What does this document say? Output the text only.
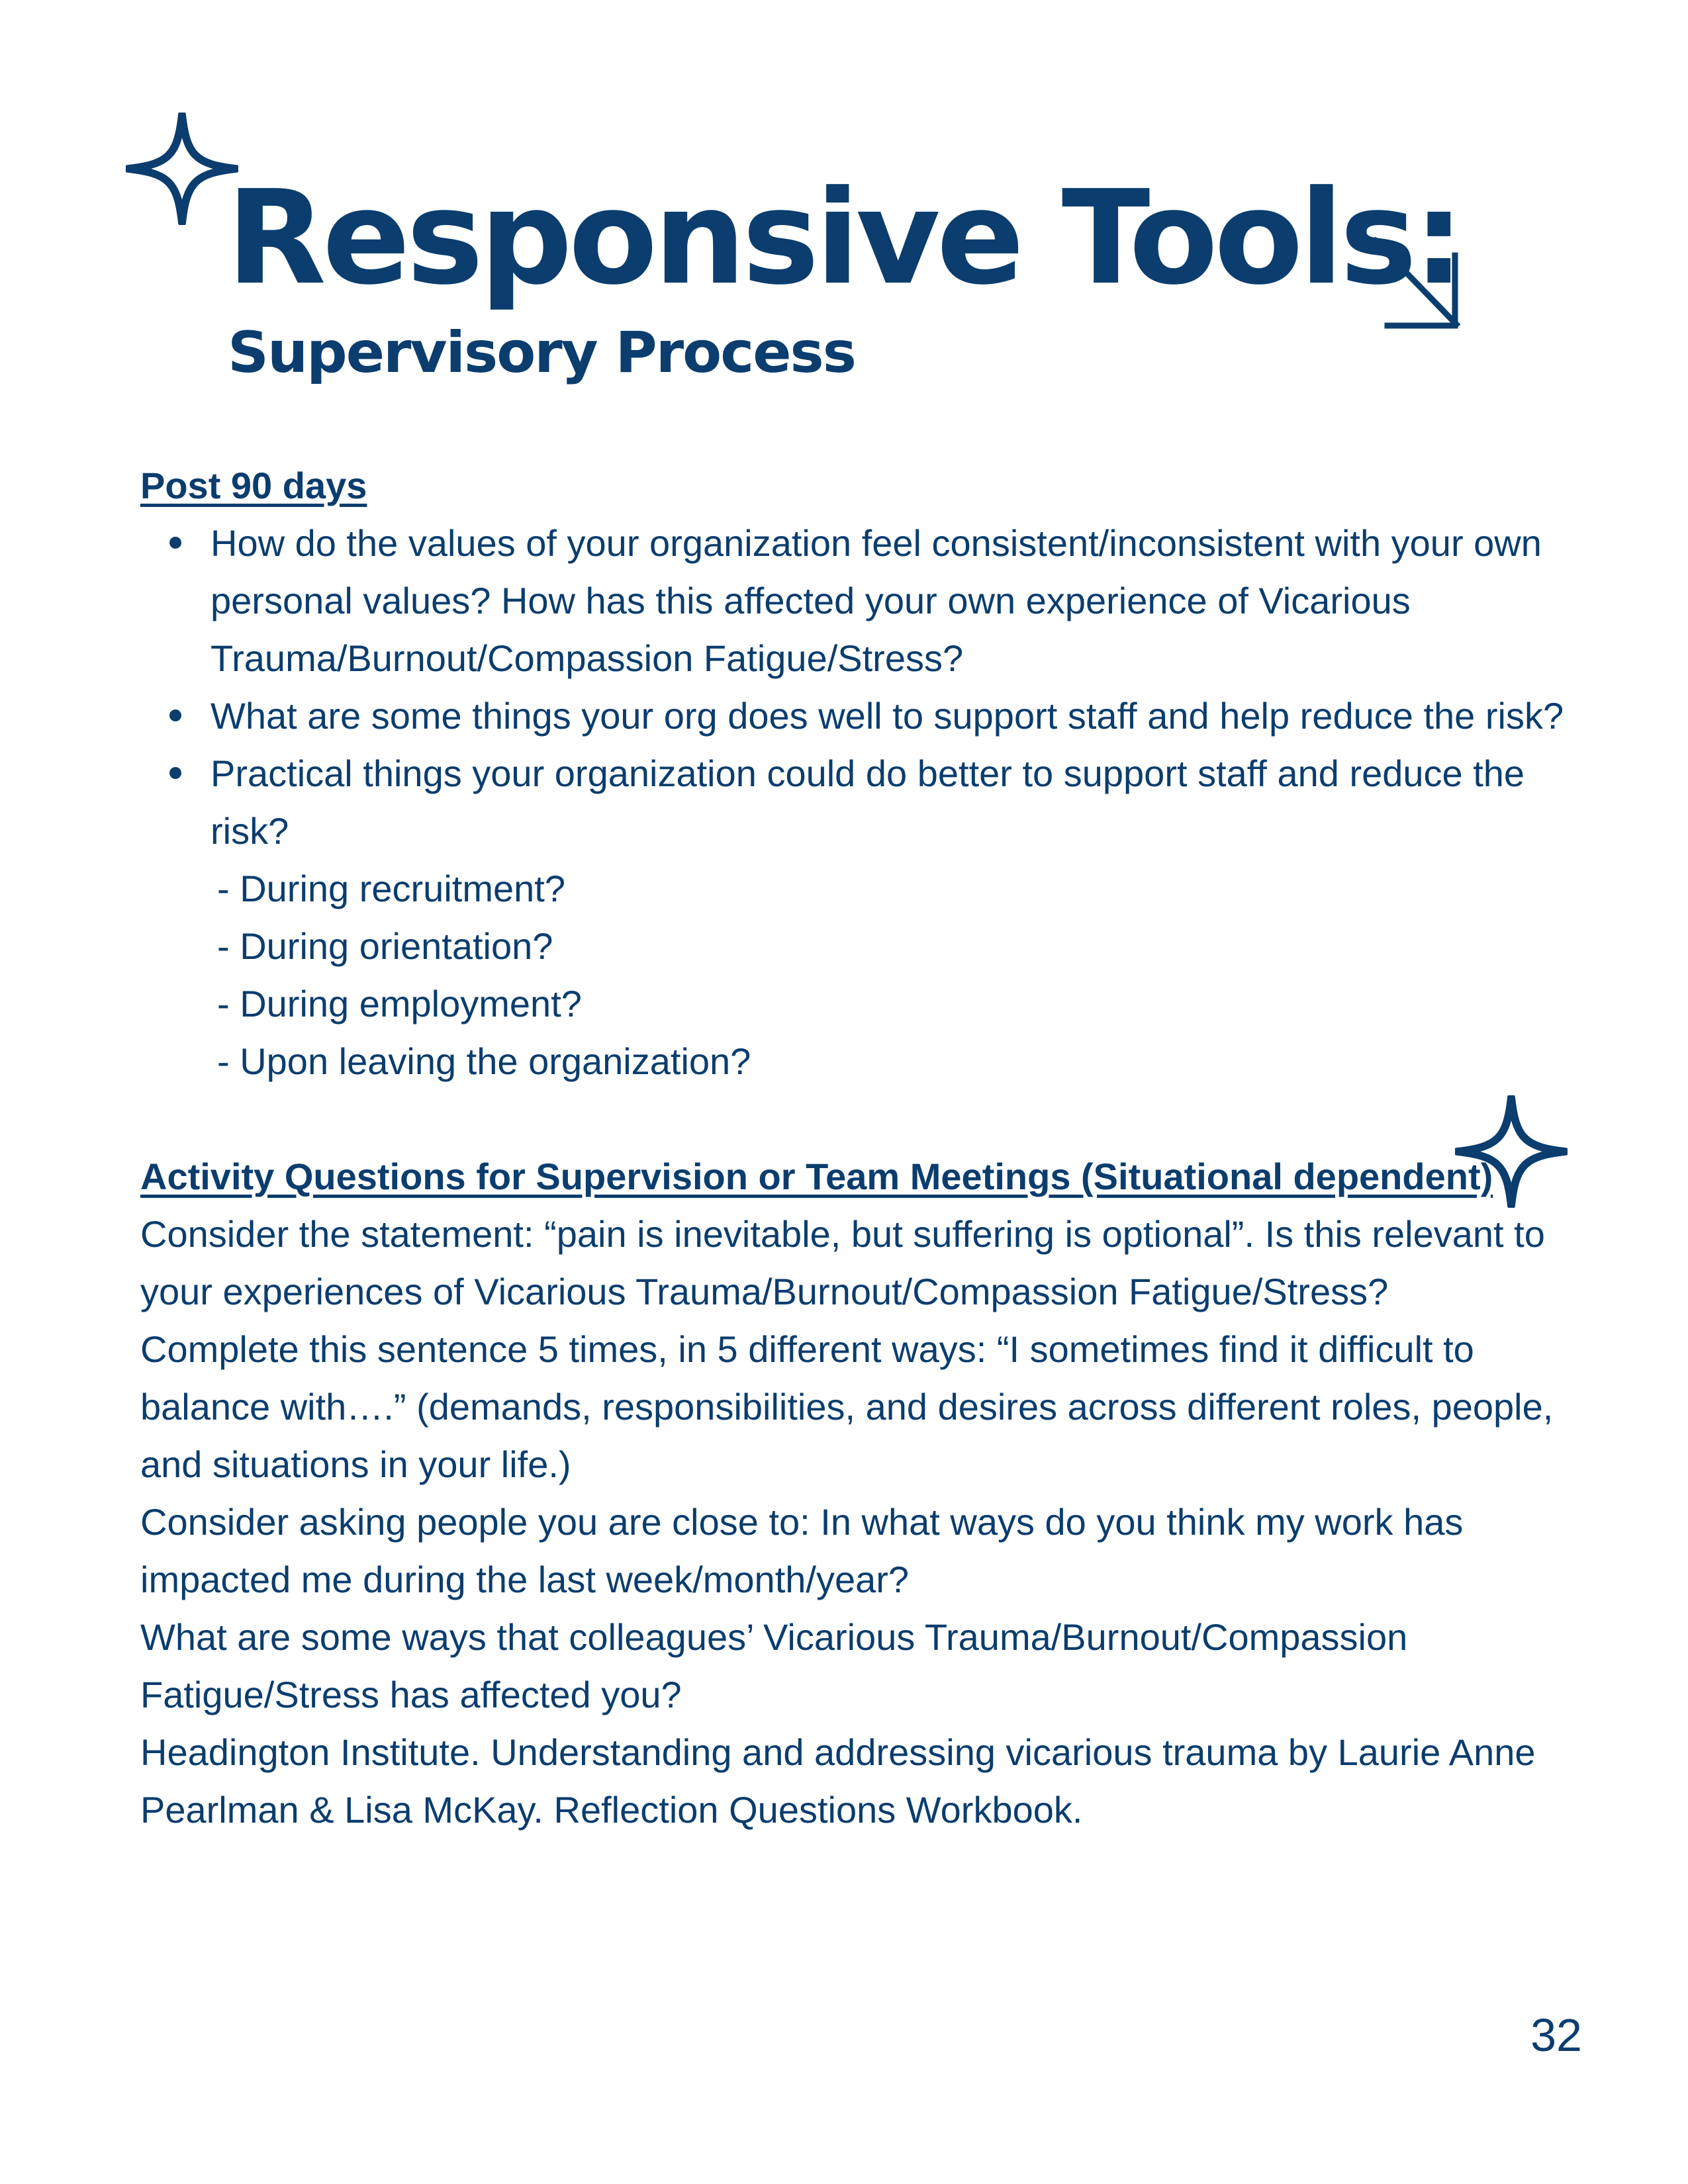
Responsive Tools:
Supervisory Process
Post 90 days
How do the values of your organization feel consistent/inconsistent with your own personal values? How has this affected your own experience of Vicarious Trauma/Burnout/Compassion Fatigue/Stress?
What are some things your org does well to support staff and help reduce the risk?
Practical things your organization could do better to support staff and reduce the risk?
- During recruitment?
- During orientation?
- During employment?
- Upon leaving the organization?
Activity Questions for Supervision or Team Meetings (Situational dependent)

Consider the statement: “pain is inevitable, but suffering is optional”. Is this relevant to your experiences of Vicarious Trauma/Burnout/Compassion Fatigue/Stress?

Complete this sentence 5 times, in 5 different ways: “I sometimes find it difficult to balance with….” (demands, responsibilities, and desires across different roles, people, and situations in your life.)

Consider asking people you are close to: In what ways do you think my work has impacted me during the last week/month/year?

What are some ways that colleagues’ Vicarious Trauma/Burnout/Compassion Fatigue/Stress has affected you?

Headington Institute. Understanding and addressing vicarious trauma by Laurie Anne Pearlman & Lisa McKay. Reflection Questions Workbook.

32
